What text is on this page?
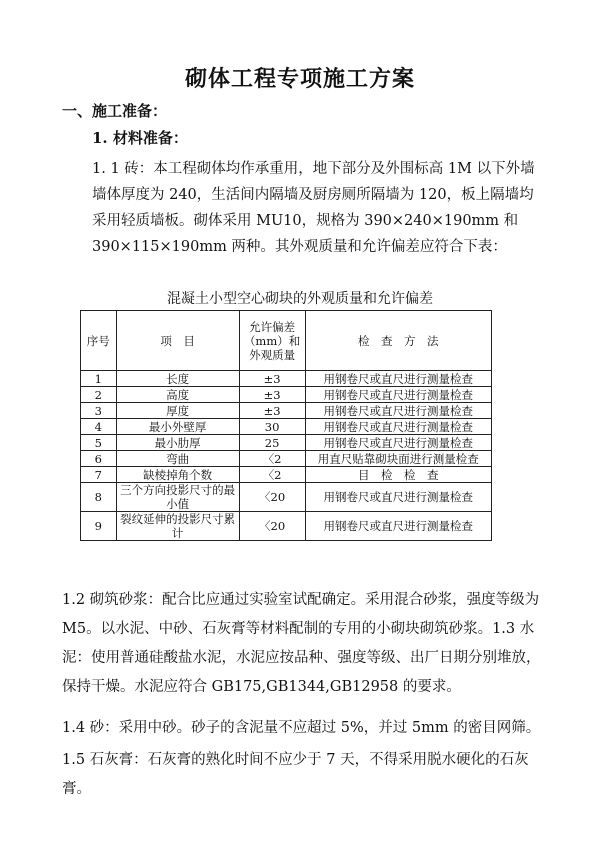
砌体工程专项施工方案
一、施工准备：
1. 材料准备：
1. 1 砖：本工程砌体均作承重用，地下部分及外围标高 1M 以下外墙墙体厚度为 240，生活间内隔墙及厨房厕所隔墙为 120，板上隔墙均采用轻质墙板。砌体采用 MU10，规格为 390×240×190mm 和 390×115×190mm 两种。其外观质量和允许偏差应符合下表：
混凝土小型空心砌块的外观质量和允许偏差
序号	项　目	允许偏差（mm）和外观质量	检　查　方　法
1	长度	±3	用钢卷尺或直尺进行测量检查
2	高度	±3	用钢卷尺或直尺进行测量检查
3	厚度	±3	用钢卷尺或直尺进行测量检查
4	最小外壁厚	30	用钢卷尺或直尺进行测量检查
5	最小肋厚	25	用钢卷尺或直尺进行测量检查
6	弯曲	〈2	用直尺贴靠砌块面进行测量检查
7	缺棱掉角个数	〈2	目　检　检　查
8	三个方向投影尺寸的最小值	〈20	用钢卷尺或直尺进行测量检查
9	裂纹延伸的投影尺寸累计	〈20	用钢卷尺或直尺进行测量检查
1.2 砌筑砂浆：配合比应通过实验室试配确定。采用混合砂浆，强度等级为 M5。以水泥、中砂、石灰膏等材料配制的专用的小砌块砌筑砂浆。1.3 水泥：使用普通硅酸盐水泥，水泥应按品种、强度等级、出厂日期分别堆放，保持干燥。水泥应符合 GB175,GB1344,GB12958 的要求。
1.4 砂：采用中砂。砂子的含泥量不应超过 5%，并过 5mm 的密目网筛。
1.5 石灰膏：石灰膏的熟化时间不应少于 7 天，不得采用脱水硬化的石灰膏。
